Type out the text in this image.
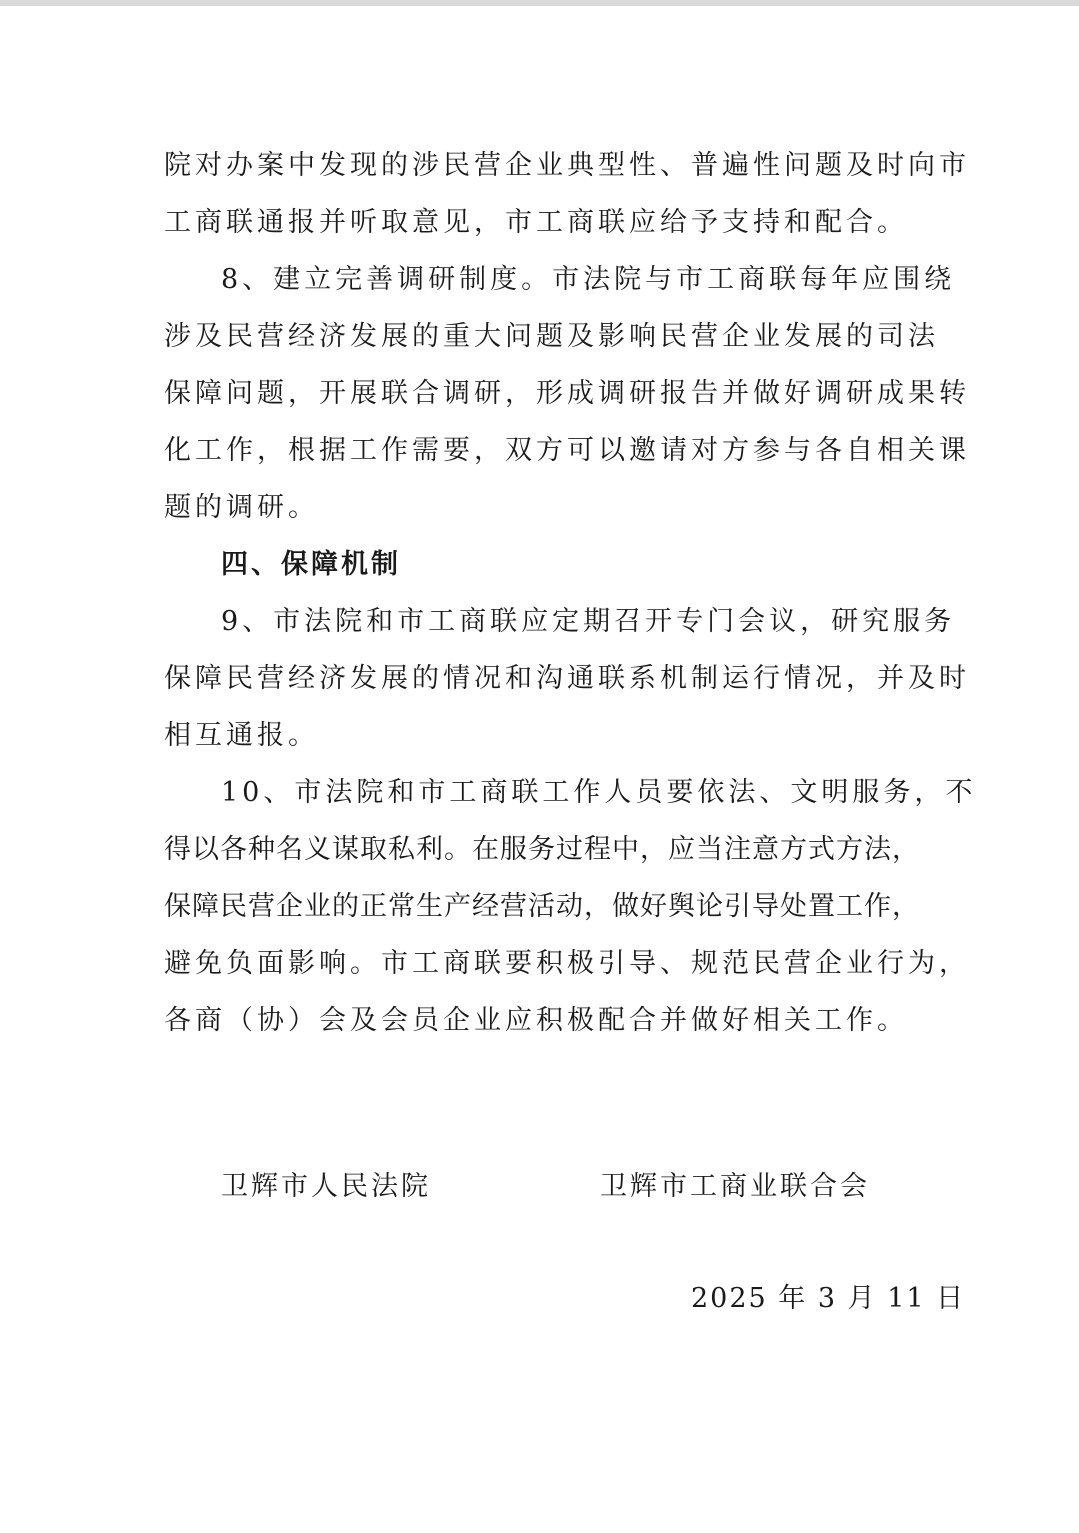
院对办案中发现的涉民营企业典型性、普遍性问题及时向市
工商联通报并听取意见，市工商联应给予支持和配合。
8、建立完善调研制度。市法院与市工商联每年应围绕
涉及民营经济发展的重大问题及影响民营企业发展的司法
保障问题，开展联合调研，形成调研报告并做好调研成果转
化工作，根据工作需要，双方可以邀请对方参与各自相关课
题的调研。
四、保障机制
9、市法院和市工商联应定期召开专门会议，研究服务
保障民营经济发展的情况和沟通联系机制运行情况，并及时
相互通报。
10、市法院和市工商联工作人员要依法、文明服务，不
得以各种名义谋取私利。在服务过程中，应当注意方式方法，
保障民营企业的正常生产经营活动，做好舆论引导处置工作，
避免负面影响。市工商联要积极引导、规范民营企业行为，
各商（协）会及会员企业应积极配合并做好相关工作。
卫辉市人民法院	卫辉市工商业联合会
2025 年 3 月 11 日
